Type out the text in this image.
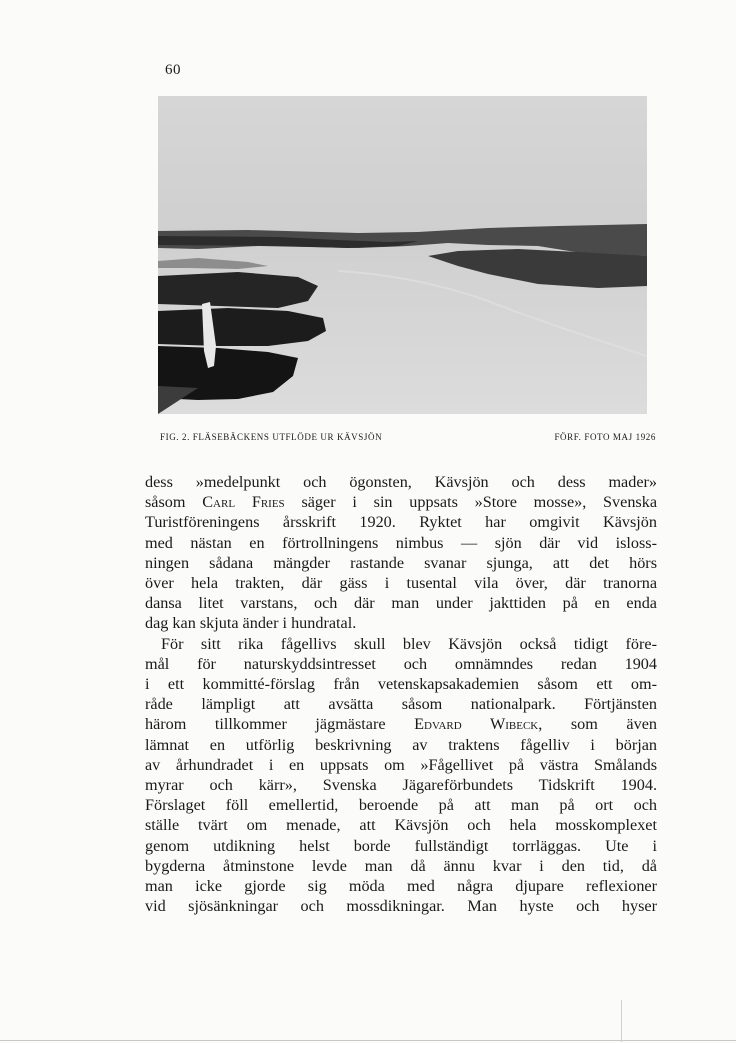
60
FIG. 2. FLÄSEBÄCKENS UTFLÖDE UR KÄVSJÖN	FÖRF. FOTO MAJ 1926
dess »medelpunkt och ögonsten, Kävsjön och dess mader»
såsom Carl Fries säger i sin uppsats »Store mosse», Svenska
Turistföreningens årsskrift 1920. Ryktet har omgivit Kävsjön
med nästan en förtrollningens nimbus — sjön där vid isloss-
ningen sådana mängder rastande svanar sjunga, att det hörs
över hela trakten, där gäss i tusental vila över, där tranorna
dansa litet varstans, och där man under jakttiden på en enda
dag kan skjuta änder i hundratal.
För sitt rika fågellivs skull blev Kävsjön också tidigt före-
mål för naturskyddsintresset och omnämndes redan 1904
i ett kommitté-förslag från vetenskapsakademien såsom ett om-
råde lämpligt att avsätta såsom nationalpark. Förtjänsten
härom tillkommer jägmästare Edvard Wibeck, som även
lämnat en utförlig beskrivning av traktens fågelliv i början
av århundradet i en uppsats om »Fågellivet på västra Smålands
myrar och kärr», Svenska Jägareförbundets Tidskrift 1904.
Förslaget föll emellertid, beroende på att man på ort och
ställe tvärt om menade, att Kävsjön och hela mosskomplexet
genom utdikning helst borde fullständigt torrläggas. Ute i
bygderna åtminstone levde man då ännu kvar i den tid, då
man icke gjorde sig möda med några djupare reflexioner
vid sjösänkningar och mossdikningar. Man hyste och hyser
